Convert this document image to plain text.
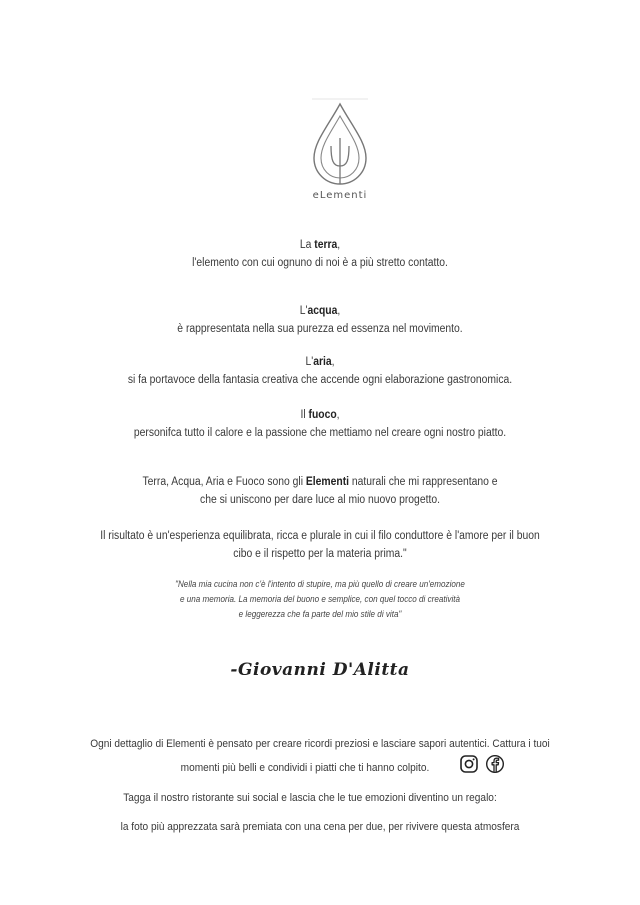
eLementi
La terra,
l'elemento con cui ognuno di noi è a più stretto contatto.
L'acqua,
è rappresentata nella sua purezza ed essenza nel movimento.
L'aria,
si fa portavoce della fantasia creativa che accende ogni elaborazione gastronomica.
Il fuoco,
personifca tutto il calore e la passione che mettiamo nel creare ogni nostro piatto.
Terra, Acqua, Aria e Fuoco sono gli Elementi naturali che mi rappresentano e
che si uniscono per dare luce al mio nuovo progetto.
Il risultato è un'esperienza equilibrata, ricca e plurale in cui il filo conduttore è l'amore per il buon
cibo e il rispetto per la materia prima."
"Nella mia cucina non c'è l'intento di stupire, ma più quello di creare un'emozione
e una memoria. La memoria del buono e semplice, con quel tocco di creatività
e leggerezza che fa parte del mio stile di vita"
-Giovanni D'Alitta
Ogni dettaglio di Elementi è pensato per creare ricordi preziosi e lasciare sapori autentici. Cattura i tuoi
momenti più belli e condividi i piatti che ti hanno colpito.
Tagga il nostro ristorante sui social e lascia che le tue emozioni diventino un regalo:
la foto più apprezzata sarà premiata con una cena per due, per rivivere questa atmosfera
